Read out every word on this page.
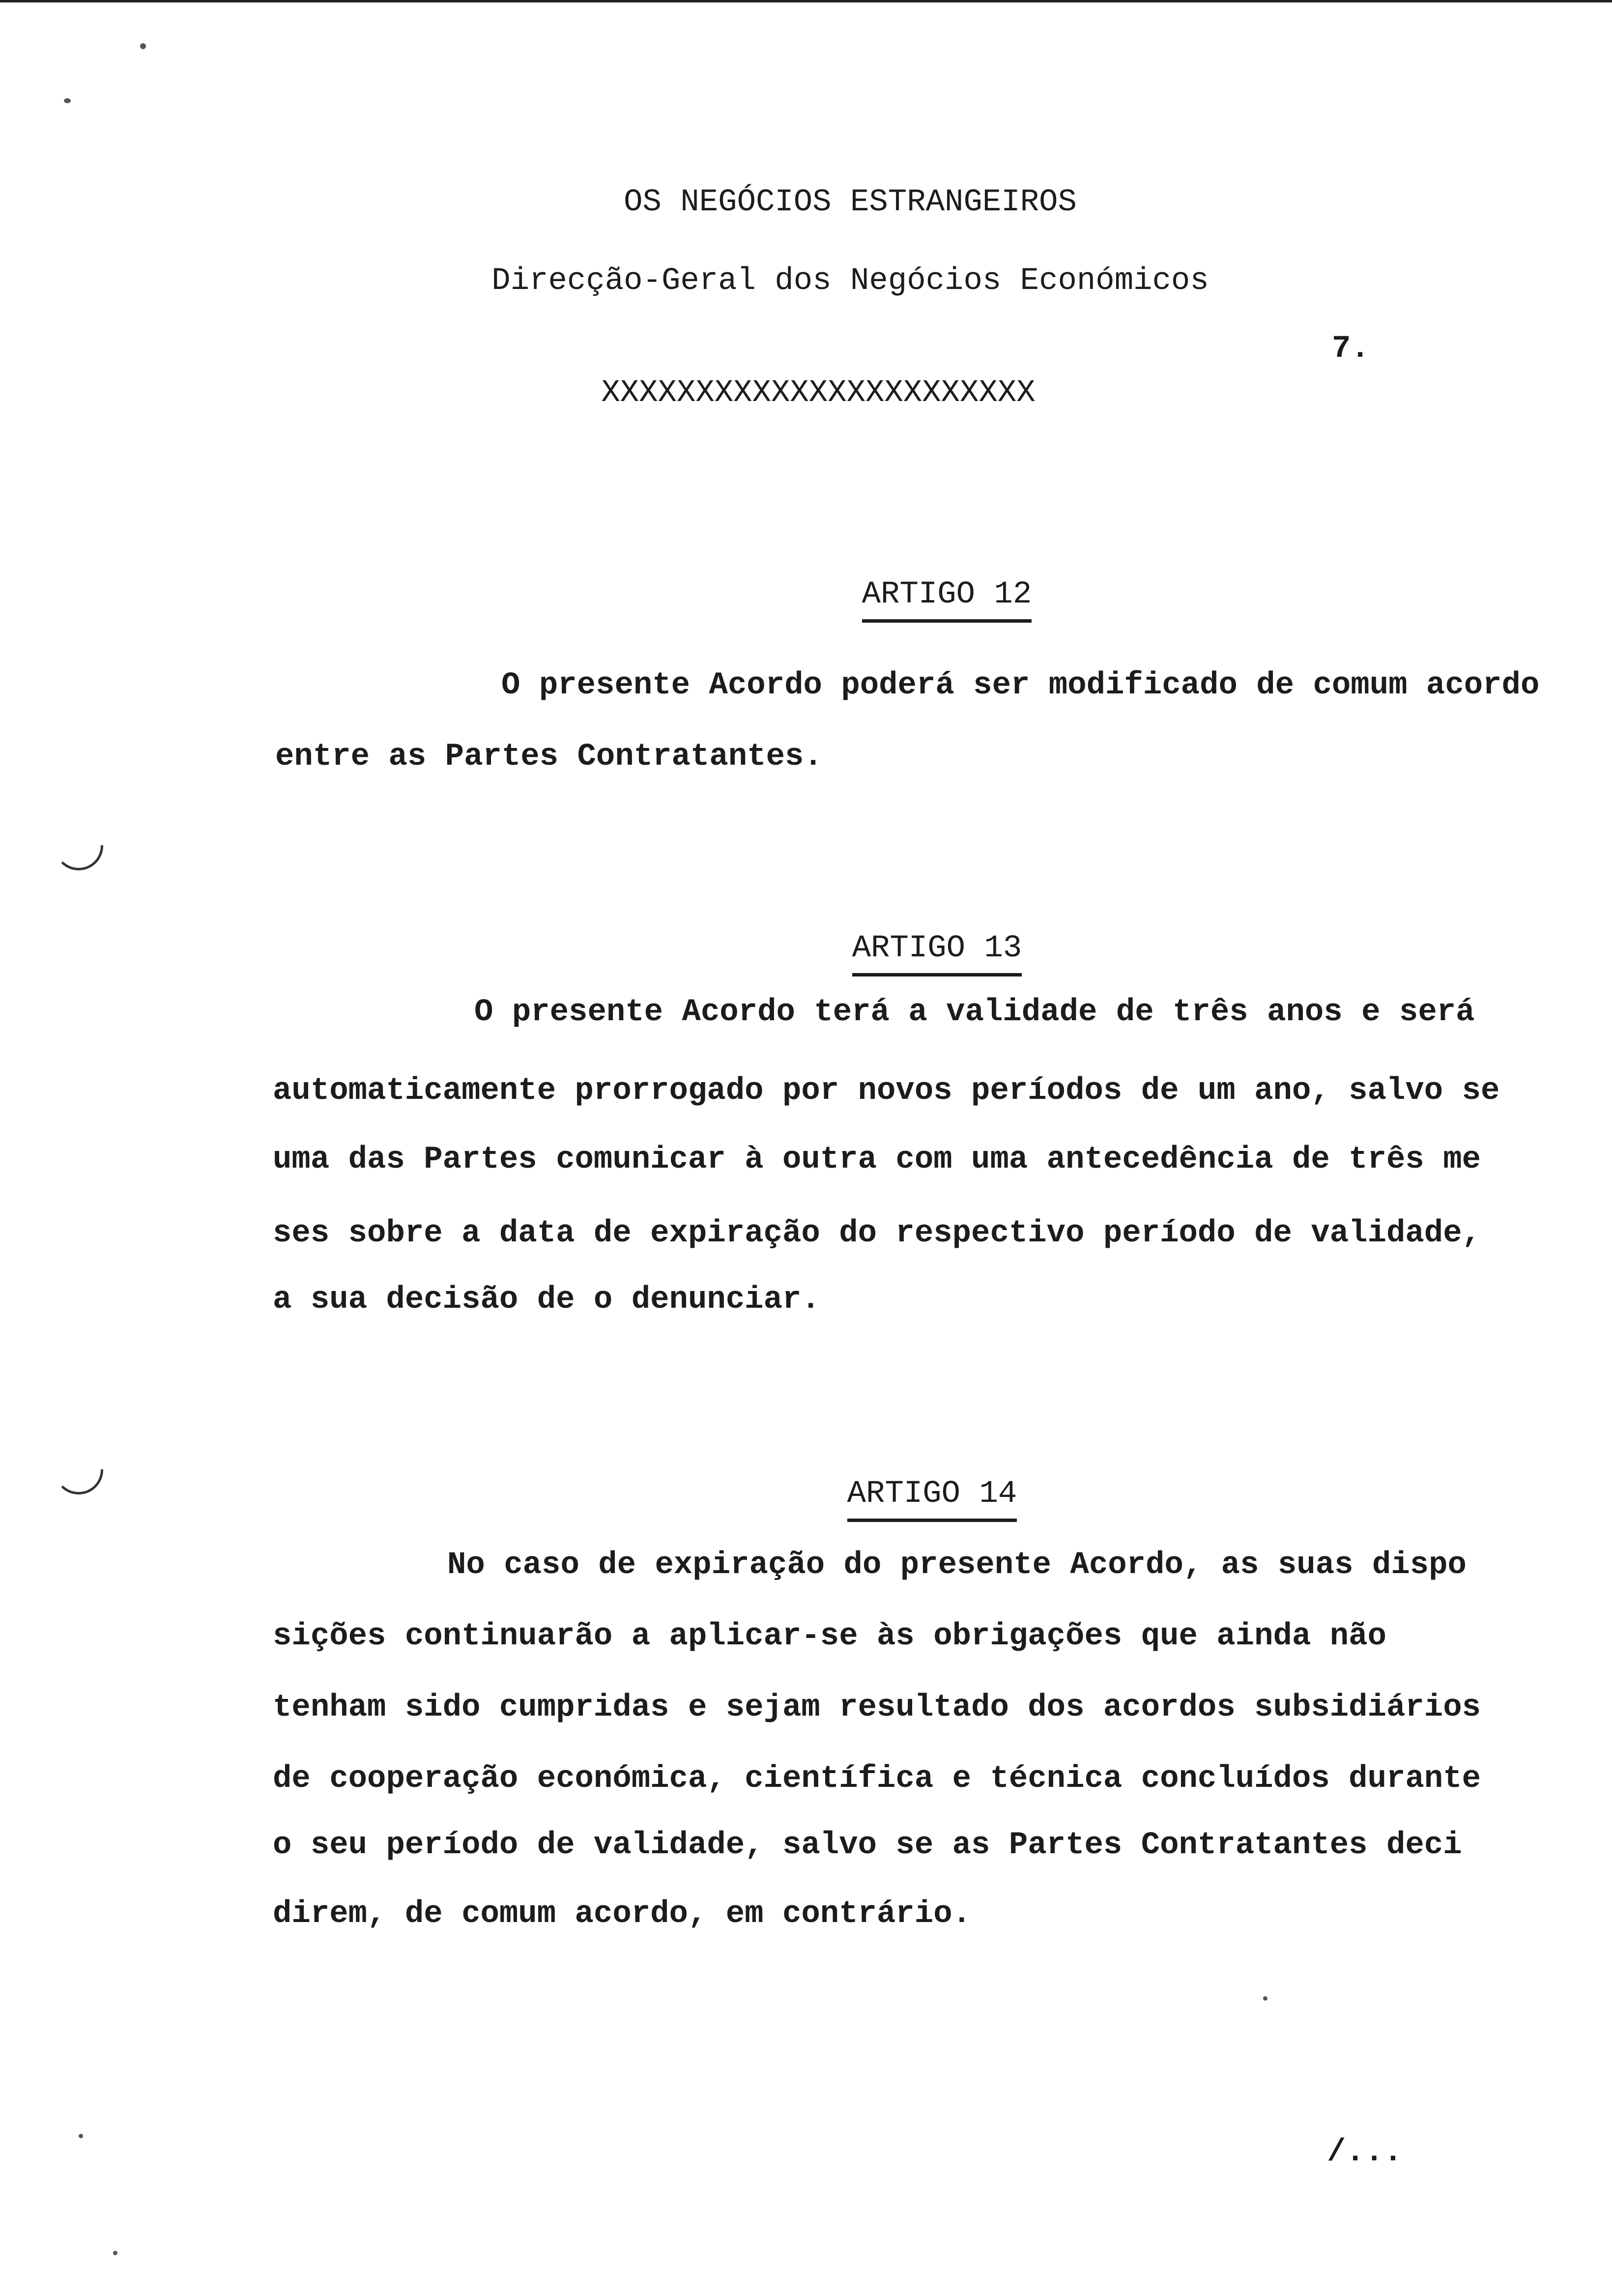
OS NEGÓCIOS ESTRANGEIROS
Direcção-Geral dos Negócios Económicos
7.
XXXXXXXXXXXXXXXXXXXXXXX

ARTIGO 12

O presente Acordo poderá ser modificado de comum acordo
entre as Partes Contratantes.

ARTIGO 13

O presente Acordo terá a validade de três anos e será
automaticamente prorrogado por novos períodos de um ano, salvo se
uma das Partes comunicar à outra com uma antecedência de três me
ses sobre a data de expiração do respectivo período de validade,
a sua decisão de o denunciar.

ARTIGO 14

No caso de expiração do presente Acordo, as suas dispo
sições continuarão a aplicar-se às obrigações que ainda não
tenham sido cumpridas e sejam resultado dos acordos subsidiários
de cooperação económica, científica e técnica concluídos durante
o seu período de validade, salvo se as Partes Contratantes deci
direm, de comum acordo, em contrário.
/...
